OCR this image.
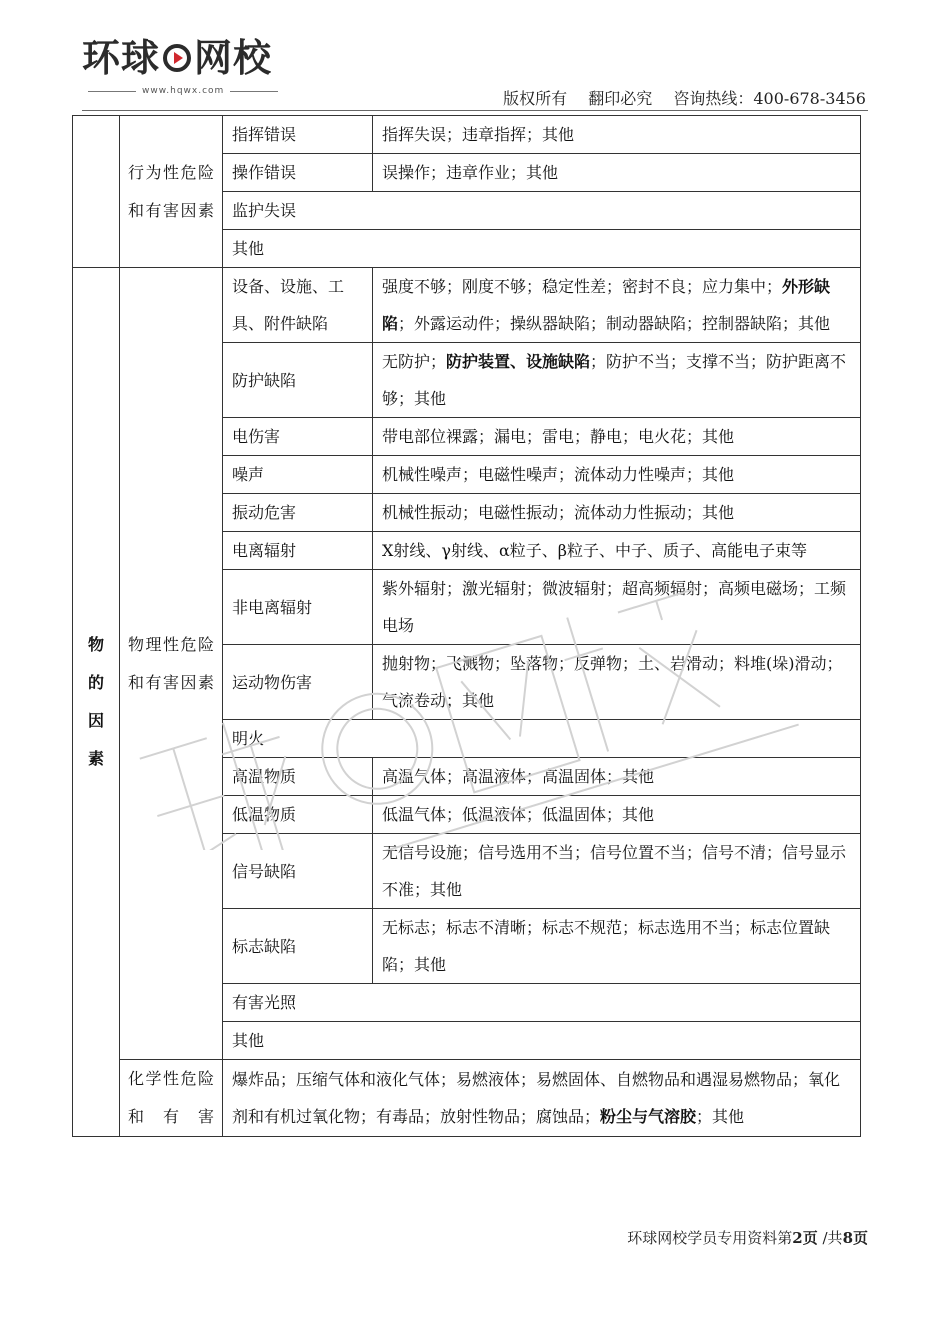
环球 网校
www.hqwx.com	版权所有 翻印必究 咨询热线：400-678-3456
	行为性危险和有害因素	指挥错误	指挥失误；违章指挥；其他
		操作错误	误操作；违章作业；其他
		监护失误	
		其他	
物的因素	物理性危险和有害因素	设备、设施、工具、附件缺陷	强度不够；刚度不够；稳定性差；密封不良；应力集中；外形缺陷；外露运动件；操纵器缺陷；制动器缺陷；控制器缺陷；其他
		防护缺陷	无防护；防护装置、设施缺陷；防护不当；支撑不当；防护距离不够；其他
		电伤害	带电部位裸露；漏电；雷电；静电；电火花；其他
		噪声	机械性噪声；电磁性噪声；流体动力性噪声；其他
		振动危害	机械性振动；电磁性振动；流体动力性振动；其他
		电离辐射	Χ射线、γ射线、α粒子、β粒子、中子、质子、高能电子束等
		非电离辐射	紫外辐射；激光辐射；微波辐射；超高频辐射；高频电磁场；工频电场
		运动物伤害	抛射物；飞溅物；坠落物；反弹物；土、岩滑动；料堆(垛)滑动；气流卷动；其他
		明火	
		高温物质	高温气体；高温液体；高温固体；其他
		低温物质	低温气体；低温液体；低温固体；其他
		信号缺陷	无信号设施；信号选用不当；信号位置不当；信号不清；信号显示不准；其他
		标志缺陷	无标志；标志不清晰；标志不规范；标志选用不当；标志位置缺陷；其他
		有害光照	
		其他	
	化学性危险和有害	爆炸品；压缩气体和液化气体；易燃液体；易燃固体、自燃物品和遇湿易燃物品；氧化剂和有机过氧化物；有毒品；放射性物品；腐蚀品；粉尘与气溶胶；其他	
环球网校学员专用资料第2页 /共8页
